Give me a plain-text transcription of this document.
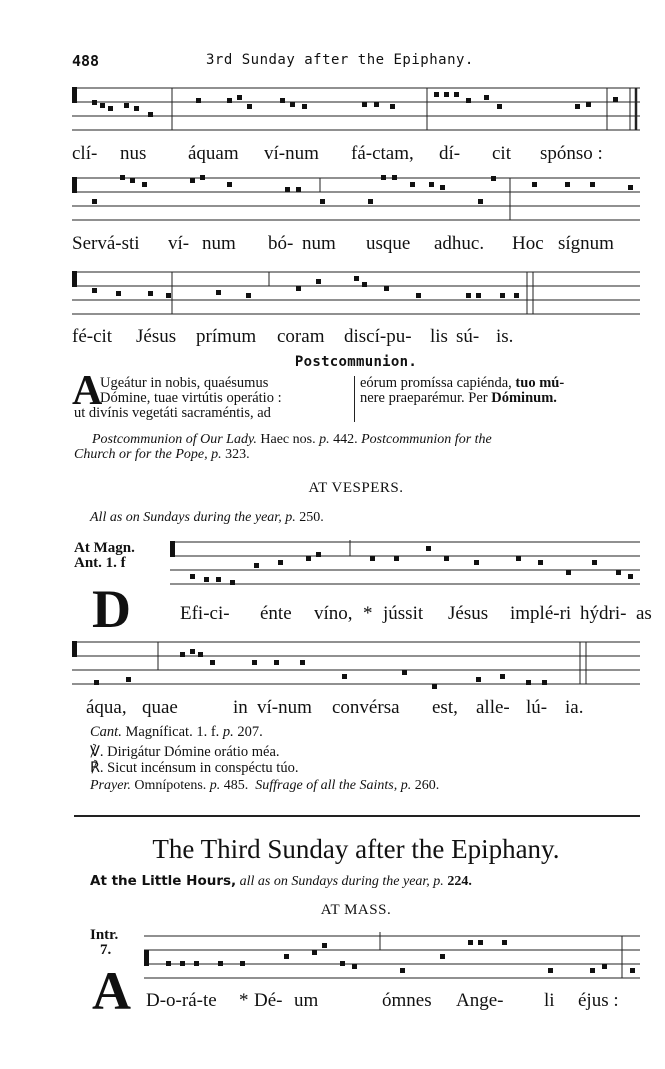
488	3rd Sunday after the Epiphany.
clí- nus áquam ví-num fá-ctam, dí- cit spónso :
Servá-sti ví- num bó- num usque adhuc. Hoc sígnum
fé-cit Jésus prímum coram discí-pu- lis sú- is.
Postcommunion.
A
Ugeátur in nobis, quaésumus
Dómine, tuae virtútis operátio :
ut divínis vegetáti sacraméntis, ad
eórum promíssa capiénda, tuo mú-
nere praeparémur. Per Dóminum.
Postcommunion of Our Lady. Haec nos. p. 442. Postcommunion for the
Church or for the Pope, p. 323.
AT VESPERS.
All as on Sundays during the year, p. 250.
At Magn.
Ant. 1. f
D	Efi-ci- énte víno, * jússit Jésus implé-ri hýdri- as
áqua, quae	in ví-num convérsa est, alle- lú- ia.
Cant. Magníficat. 1. f. p. 207.
℣. Dirigátur Dómine orátio méa.
℟. Sicut incénsum in conspéctu túo.
Prayer. Omnípotens. p. 485. Suffrage of all the Saints, p. 260.
The Third Sunday after the Epiphany.
At the Little Hours, all as on Sundays during the year, p. 224.
AT MASS.
Intr.
7.
A D-o-rá-te * Dé- um	ómnes Ange- li éjus :
